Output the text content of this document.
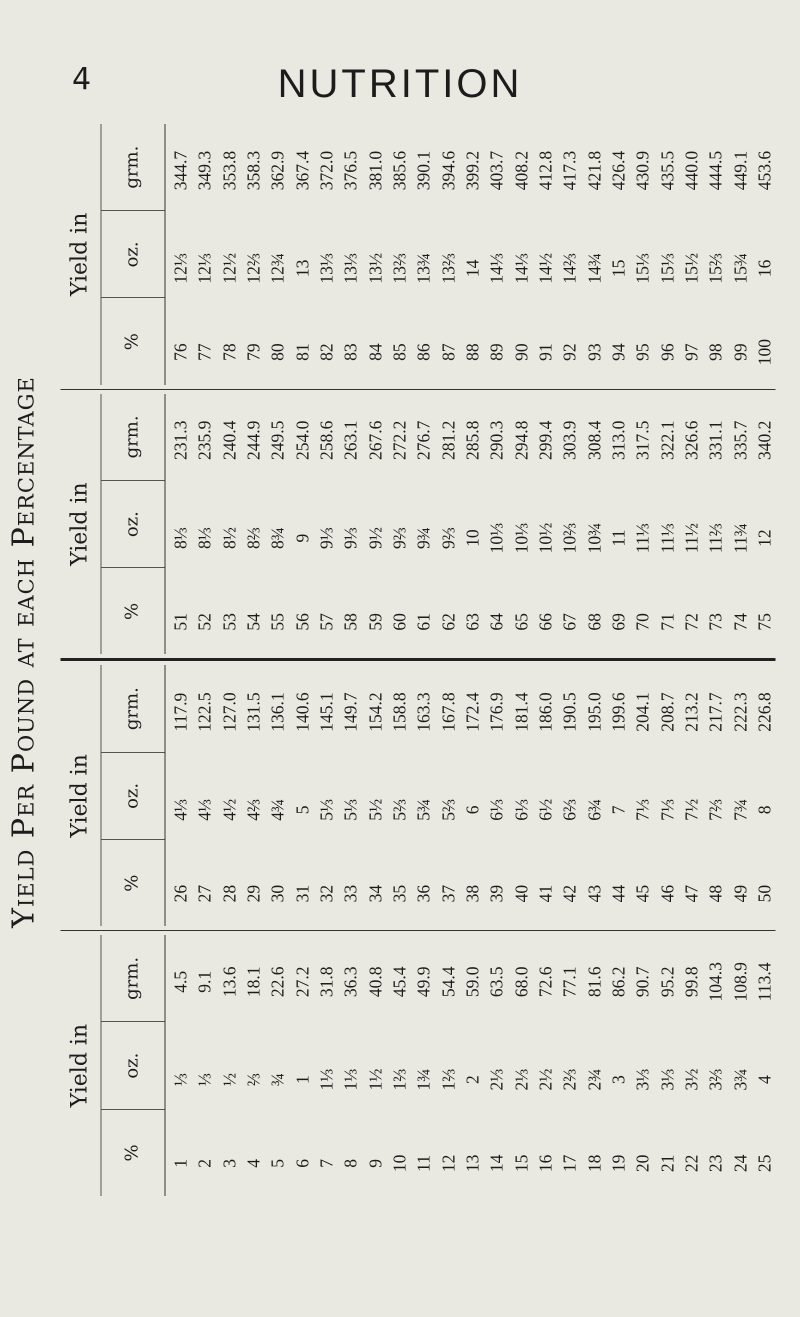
4	NUTRITION
Yield Per Pound at each Percentage
Yield in
%
oz.
grm.
1
⅓
4.5
2
⅓
9.1
3
½
13.6
4
⅔
18.1
5
¾
22.6
6
1
27.2
7
1⅓
31.8
8
1⅓
36.3
9
1½
40.8
10
1⅔
45.4
11
1¾
49.9
12
1⅔
54.4
13
2
59.0
14
2⅓
63.5
15
2⅓
68.0
16
2½
72.6
17
2⅔
77.1
18
2¾
81.6
19
3
86.2
20
3⅓
90.7
21
3⅓
95.2
22
3½
99.8
23
3⅔
104.3
24
3¾
108.9
25
4
113.4
Yield in
%
oz.
grm.
26
4⅓
117.9
27
4⅓
122.5
28
4½
127.0
29
4⅔
131.5
30
4¾
136.1
31
5
140.6
32
5⅓
145.1
33
5⅓
149.7
34
5½
154.2
35
5⅔
158.8
36
5¾
163.3
37
5⅔
167.8
38
6
172.4
39
6⅓
176.9
40
6⅓
181.4
41
6½
186.0
42
6⅔
190.5
43
6¾
195.0
44
7
199.6
45
7⅓
204.1
46
7⅓
208.7
47
7½
213.2
48
7⅔
217.7
49
7¾
222.3
50
8
226.8
Yield in
%
oz.
grm.
51
8⅓
231.3
52
8⅓
235.9
53
8½
240.4
54
8⅔
244.9
55
8¾
249.5
56
9
254.0
57
9⅓
258.6
58
9⅓
263.1
59
9½
267.6
60
9⅔
272.2
61
9¾
276.7
62
9⅔
281.2
63
10
285.8
64
10⅓
290.3
65
10⅓
294.8
66
10½
299.4
67
10⅔
303.9
68
10¾
308.4
69
11
313.0
70
11⅓
317.5
71
11⅓
322.1
72
11½
326.6
73
11⅔
331.1
74
11¾
335.7
75
12
340.2
Yield in
%
oz.
grm.
76
12⅓
344.7
77
12⅓
349.3
78
12½
353.8
79
12⅔
358.3
80
12¾
362.9
81
13
367.4
82
13⅓
372.0
83
13⅓
376.5
84
13½
381.0
85
13⅔
385.6
86
13¾
390.1
87
13⅔
394.6
88
14
399.2
89
14⅓
403.7
90
14⅓
408.2
91
14½
412.8
92
14⅔
417.3
93
14¾
421.8
94
15
426.4
95
15⅓
430.9
96
15⅓
435.5
97
15½
440.0
98
15⅔
444.5
99
15¾
449.1
100
16
453.6
